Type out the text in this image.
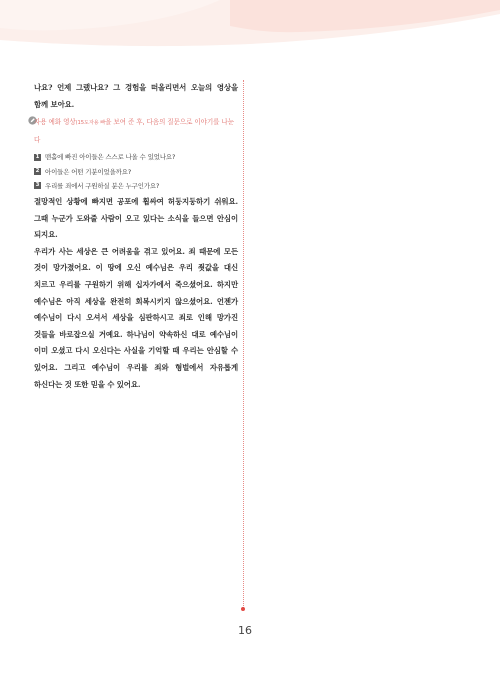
나요? 언제 그랬나요? 그 경험을 떠올리면서 오늘의 영상을 함께 보아요.

자용 예화 영상(15도자용 빠을 보여 준 후, 다음의 질문으로 이야기를 나눈다

1 맨홀에 빠진 아이들은 스스로 나올 수 있었나요?
2 아이들은 어떤 기분이었을까요?
3 우리를 죄에서 구원하실 분은 누구인가요?

절망적인 상황에 빠지면 공포에 휩싸여 허둥지둥하기 쉬워요. 그때 누군가 도와줄 사람이 오고 있다는 소식을 들으면 안심이 되지요.

우리가 사는 세상은 큰 어려움을 겪고 있어요. 죄 때문에 모든 것이 망가졌어요. 이 땅에 오신 예수님은 우리 죗값을 대신 치르고 우리를 구원하기 위해 십자가에서 죽으셨어요. 하지만 예수님은 아직 세상을 완전히 회복시키지 않으셨어요. 언젠가 예수님이 다시 오셔서 세상을 심판하시고 죄로 인해 망가진 것들을 바로잡으실 거예요. 하나님이 약속하신 대로 예수님이 이미 오셨고 다시 오신다는 사실을 기억할 때 우리는 안심할 수 있어요. 그리고 예수님이 우리를 죄와 형벌에서 자유롭게 하신다는 것 또한 믿을 수 있어요.

16
